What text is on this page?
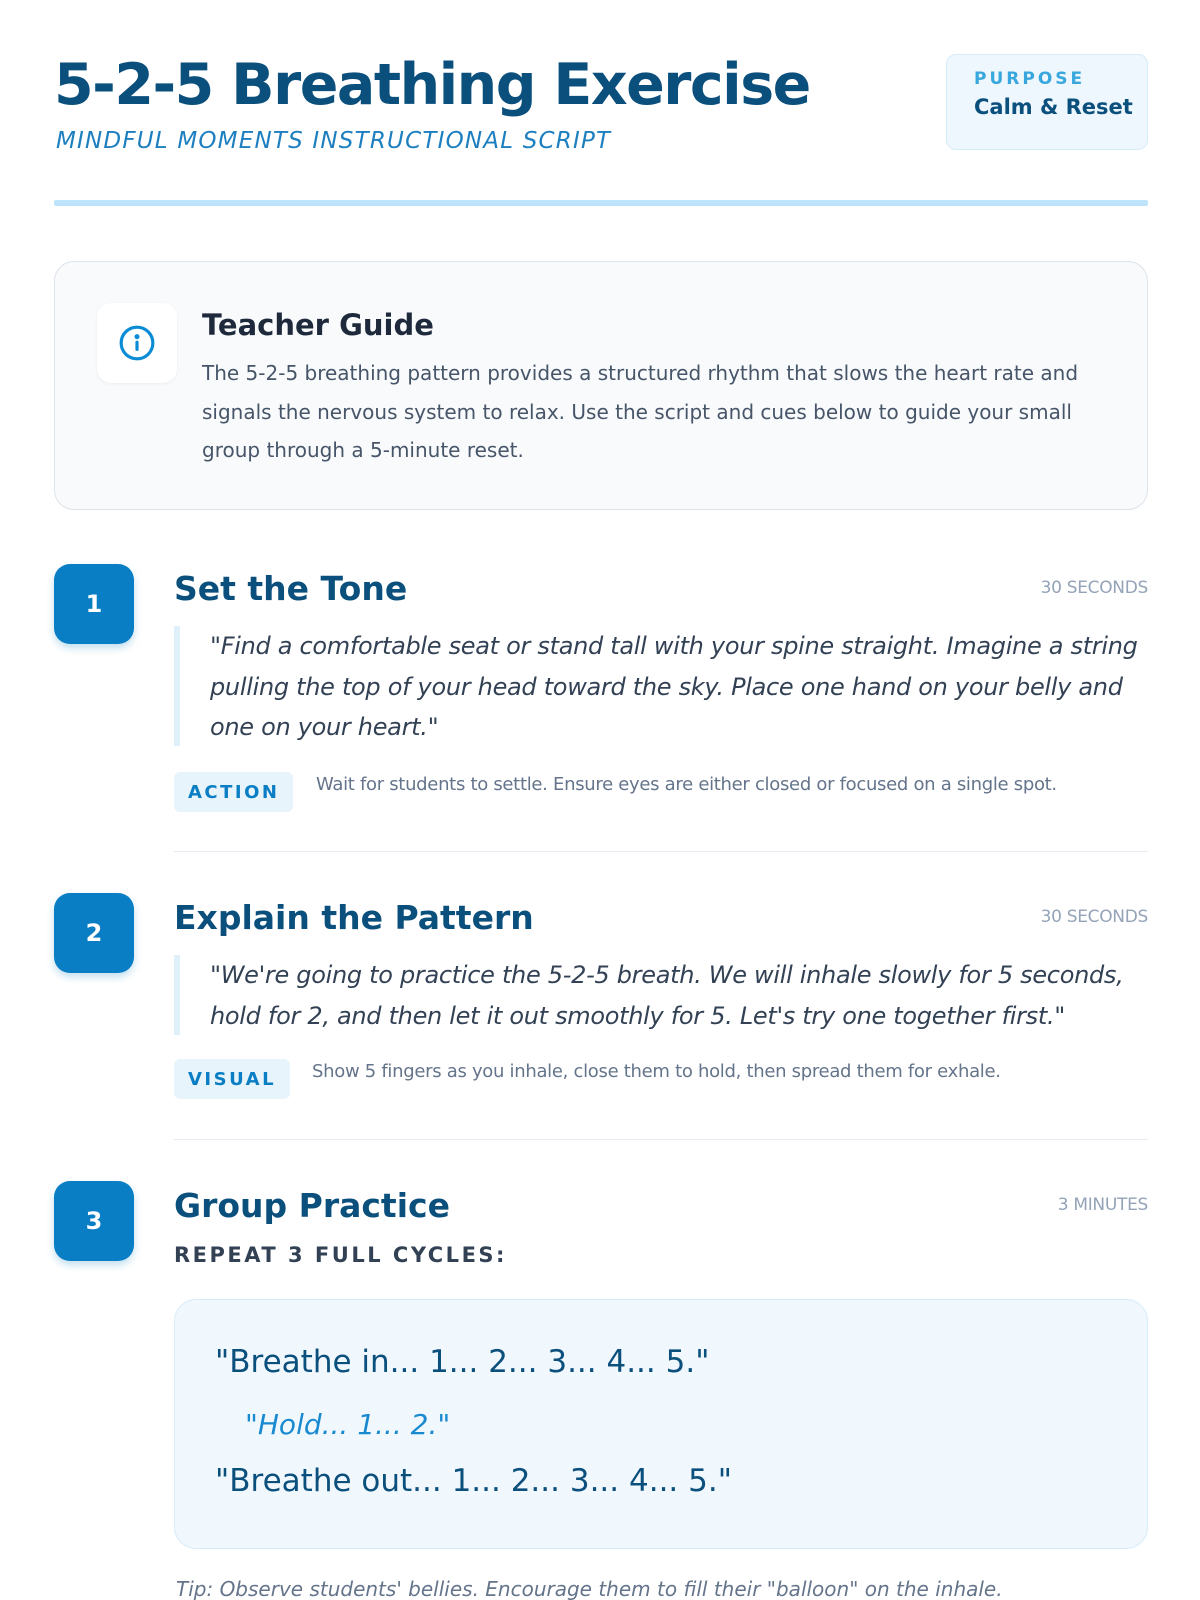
5-2-5 Breathing Exercise
MINDFUL MOMENTS INSTRUCTIONAL SCRIPT
PURPOSE
Calm & Reset
Teacher Guide
The 5-2-5 breathing pattern provides a structured rhythm that slows the heart rate and signals the nervous system to relax. Use the script and cues below to guide your small group through a 5-minute reset.
1	Set the Tone	30 SECONDS
"Find a comfortable seat or stand tall with your spine straight. Imagine a string pulling the top of your head toward the sky. Place one hand on your belly and one on your heart."
ACTION	Wait for students to settle. Ensure eyes are either closed or focused on a single spot.
2	Explain the Pattern	30 SECONDS
"We're going to practice the 5-2-5 breath. We will inhale slowly for 5 seconds, hold for 2, and then let it out smoothly for 5. Let's try one together first."
VISUAL	Show 5 fingers as you inhale, close them to hold, then spread them for exhale.
3	Group Practice	3 MINUTES
REPEAT 3 FULL CYCLES:
"Breathe in... 1... 2... 3... 4... 5."
"Hold... 1... 2."
"Breathe out... 1... 2... 3... 4... 5."
Tip: Observe students' bellies. Encourage them to fill their "balloon" on the inhale.
